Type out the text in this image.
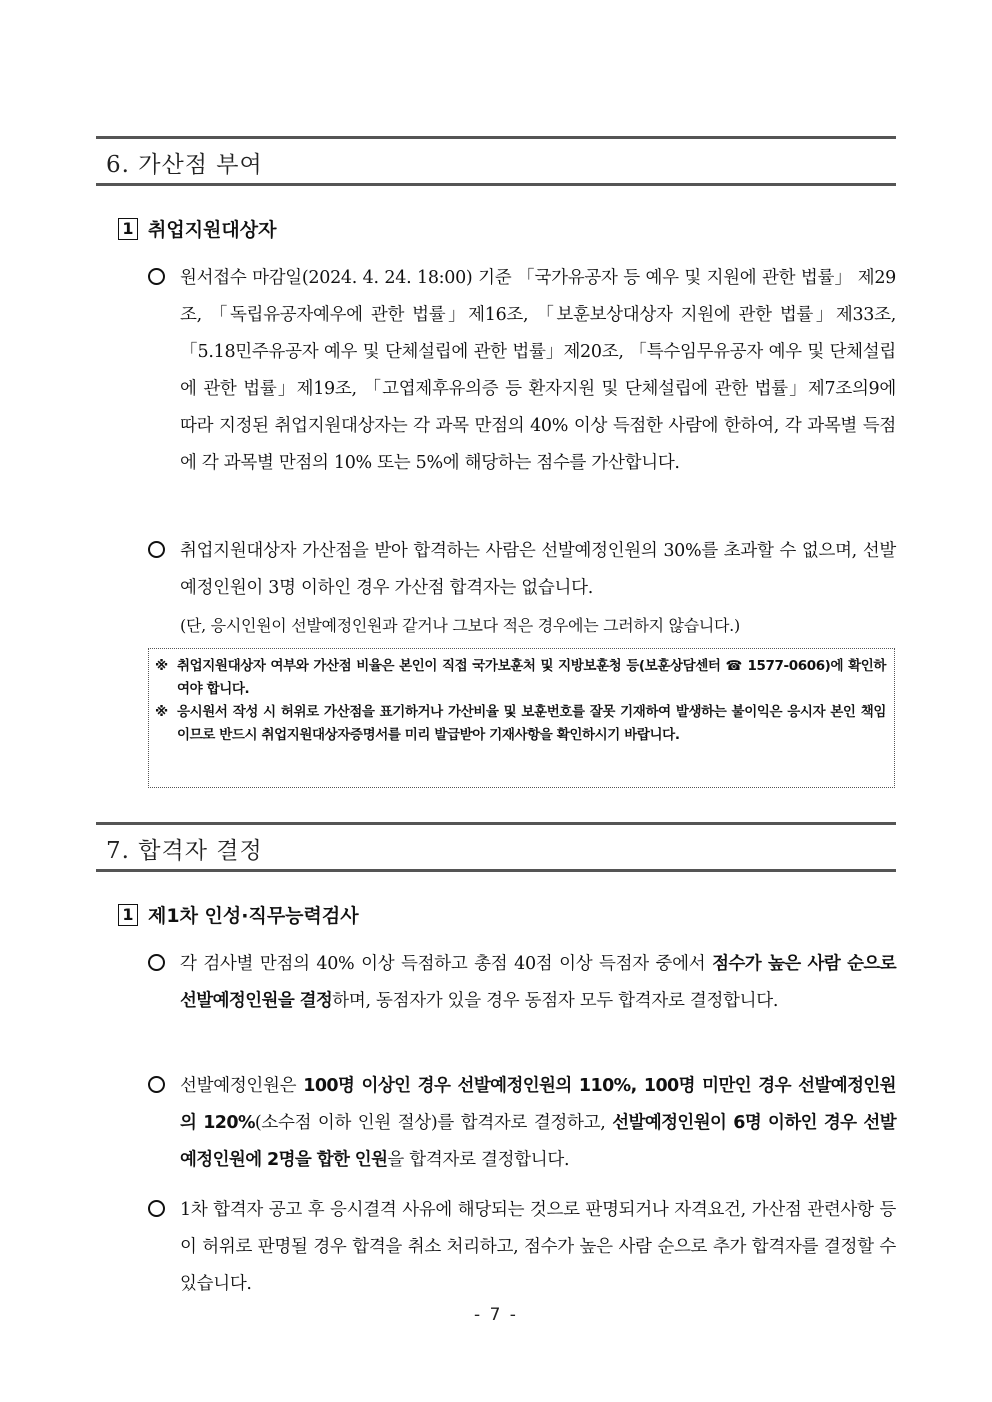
6. 가산점 부여
1 취업지원대상자
원서접수 마감일(2024. 4. 24. 18:00) 기준 「국가유공자 등 예우 및 지원에 관한 법률」 제29조, 「독립유공자예우에 관한 법률」제16조, 「보훈보상대상자 지원에 관한 법률」제33조, 「5.18민주유공자 예우 및 단체설립에 관한 법률」제20조, 「특수임무유공자 예우 및 단체설립에 관한 법률」제19조, 「고엽제후유의증 등 환자지원 및 단체설립에 관한 법률」제7조의9에 따라 지정된 취업지원대상자는 각 과목 만점의 40% 이상 득점한 사람에 한하여, 각 과목별 득점에 각 과목별 만점의 10% 또는 5%에 해당하는 점수를 가산합니다.
취업지원대상자 가산점을 받아 합격하는 사람은 선발예정인원의 30%를 초과할 수 없으며, 선발예정인원이 3명 이하인 경우 가산점 합격자는 없습니다.
(단, 응시인원이 선발예정인원과 같거나 그보다 적은 경우에는 그러하지 않습니다.)
※ 취업지원대상자 여부와 가산점 비율은 본인이 직접 국가보훈처 및 지방보훈청 등(보훈상담센터 ☎ 1577-0606)에 확인하여야 합니다.
※ 응시원서 작성 시 허위로 가산점을 표기하거나 가산비율 및 보훈번호를 잘못 기재하여 발생하는 불이익은 응시자 본인 책임이므로 반드시 취업지원대상자증명서를 미리 발급받아 기재사항을 확인하시기 바랍니다.
7. 합격자 결정
1 제1차 인성·직무능력검사
각 검사별 만점의 40% 이상 득점하고 총점 40점 이상 득점자 중에서 점수가 높은 사람 순으로 선발예정인원을 결정하며, 동점자가 있을 경우 동점자 모두 합격자로 결정합니다.
선발예정인원은 100명 이상인 경우 선발예정인원의 110%, 100명 미만인 경우 선발예정인원의 120%(소수점 이하 인원 절상)를 합격자로 결정하고, 선발예정인원이 6명 이하인 경우 선발예정인원에 2명을 합한 인원을 합격자로 결정합니다.
1차 합격자 공고 후 응시결격 사유에 해당되는 것으로 판명되거나 자격요건, 가산점 관련사항 등이 허위로 판명될 경우 합격을 취소 처리하고, 점수가 높은 사람 순으로 추가 합격자를 결정할 수 있습니다.
- 7 -
